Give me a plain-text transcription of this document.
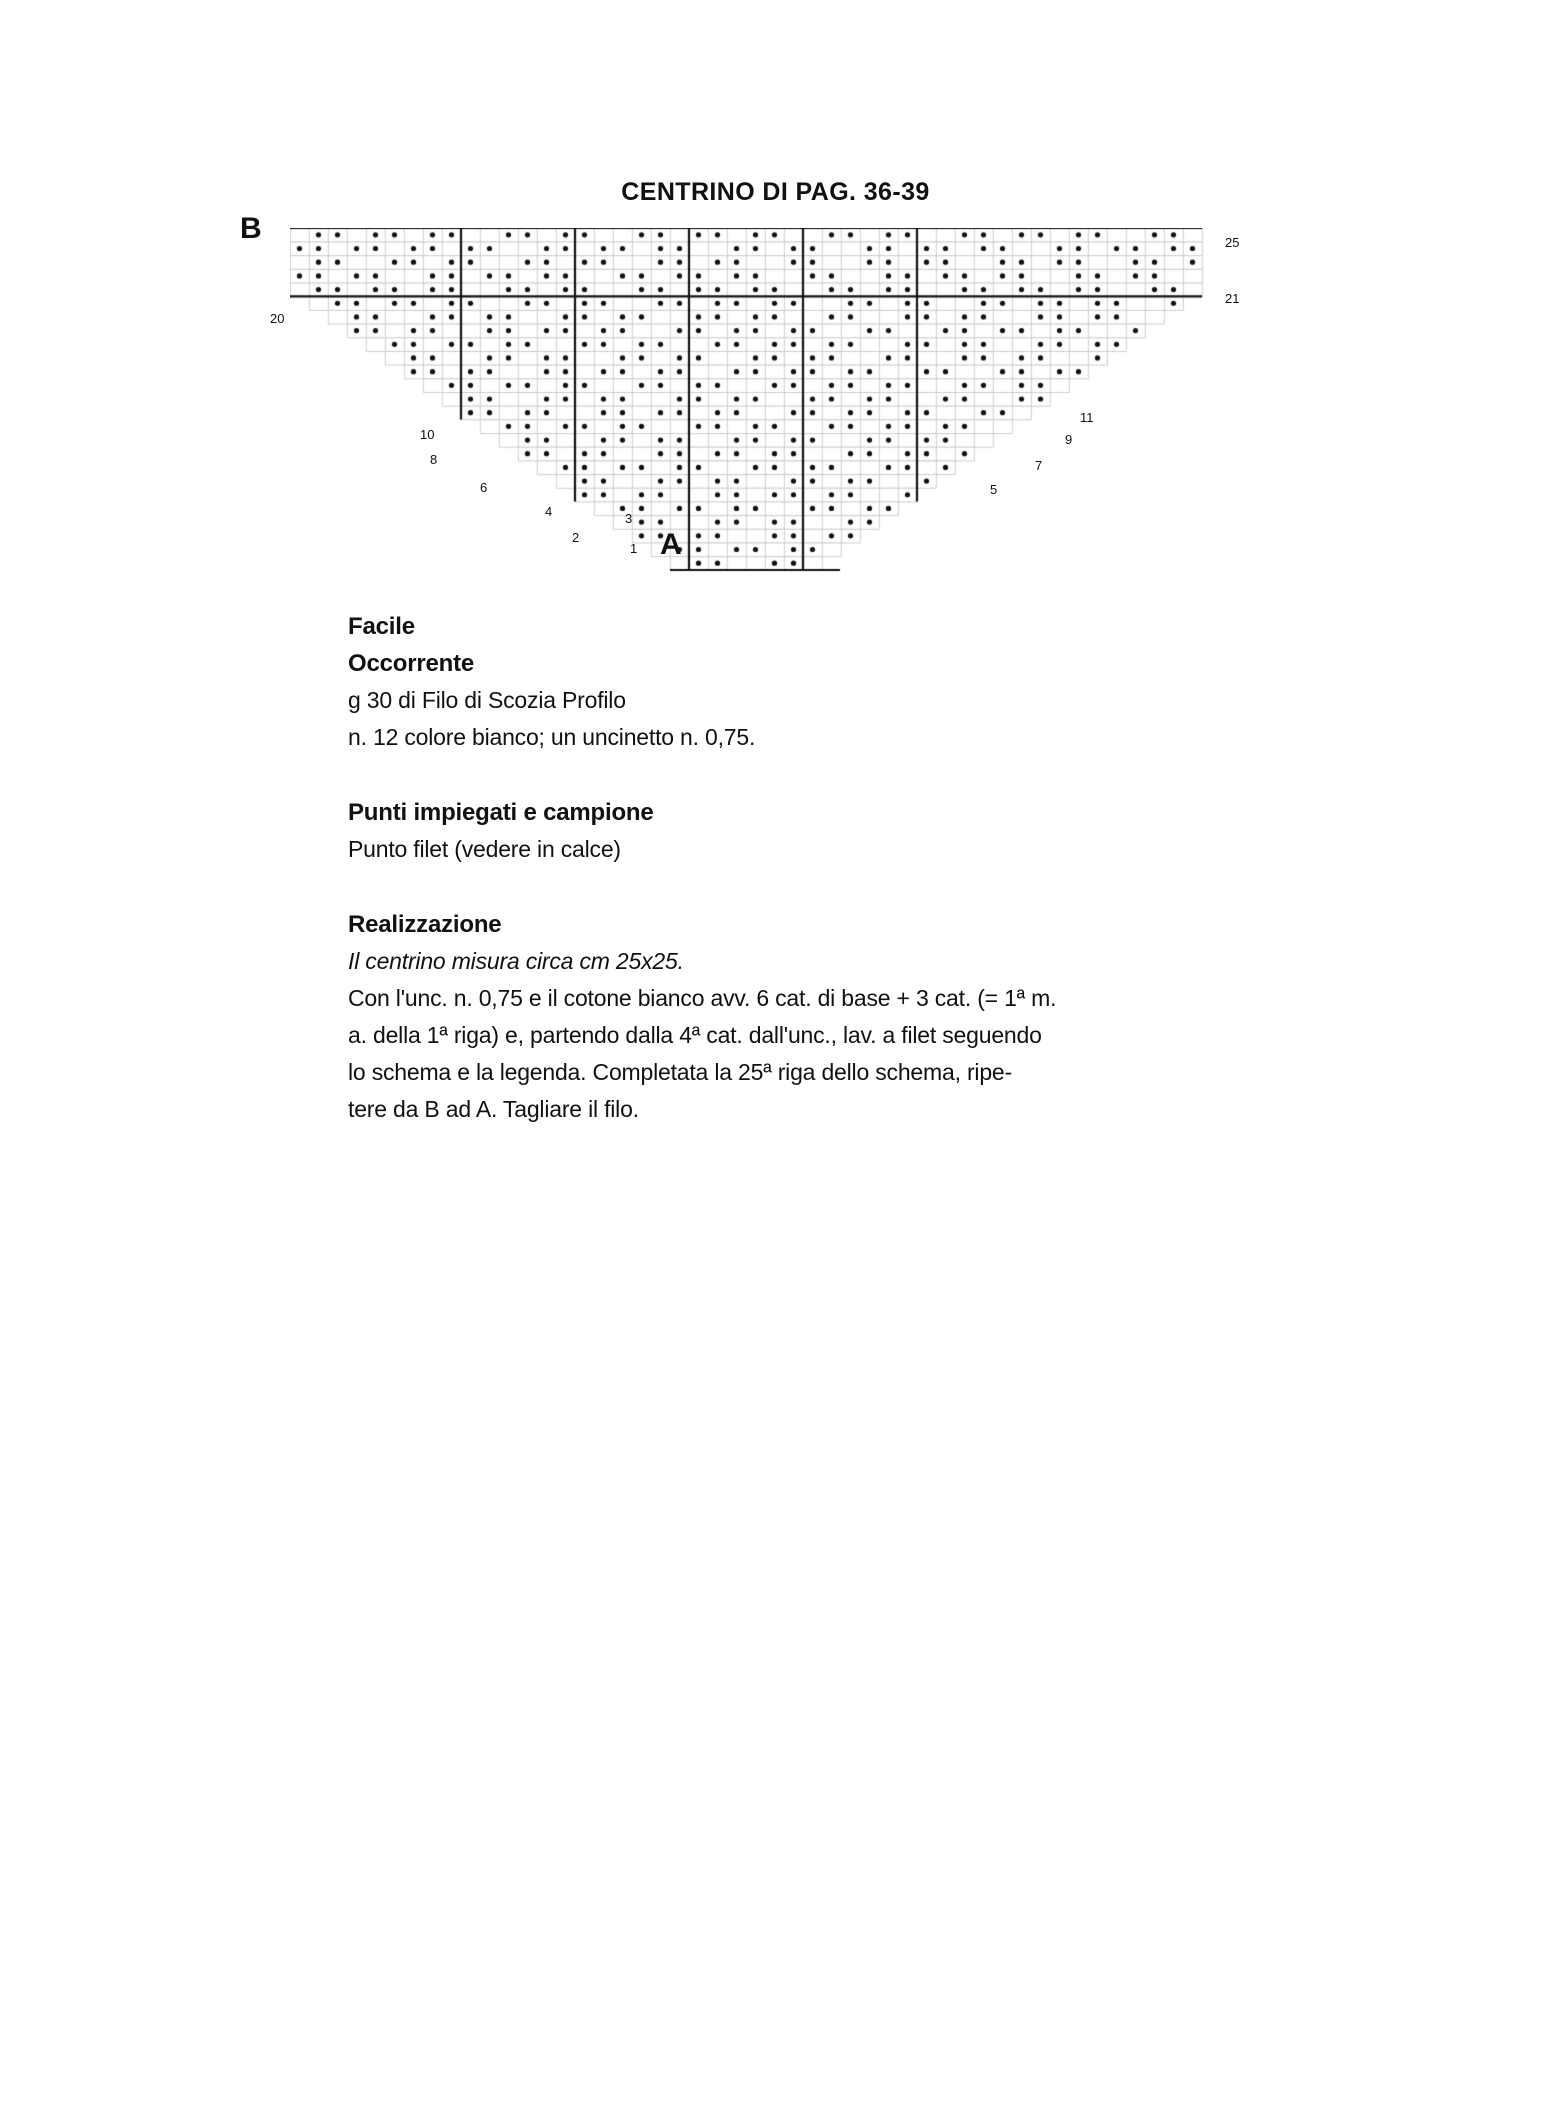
CENTRINO DI PAG. 36-39
B
A
25
21
20
11
10	9
8	7
6	5
4	3
2
1
Facile
Occorrente
g 30 di Filo di Scozia Profilo
n. 12 colore bianco; un uncinetto n. 0,75.
Punti impiegati e campione
Punto filet (vedere in calce)
Realizzazione
Il centrino misura circa cm 25x25.
Con l'unc. n. 0,75 e il cotone bianco avv. 6 cat. di base + 3 cat. (= 1ª m.
a. della 1ª riga) e, partendo dalla 4ª cat. dall'unc., lav. a filet seguendo
lo schema e la legenda. Completata la 25ª riga dello schema, ripe-
tere da B ad A. Tagliare il filo.
